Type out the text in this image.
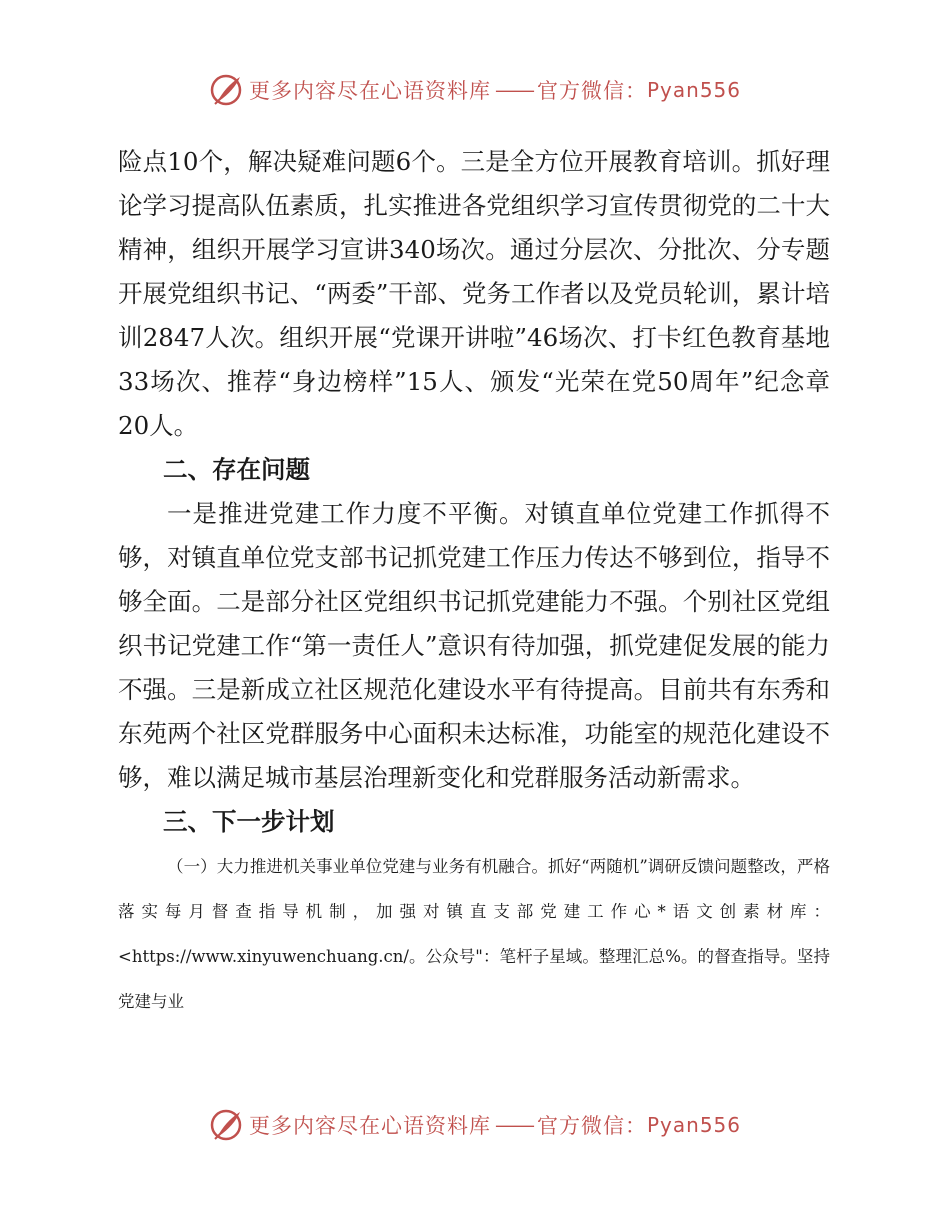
更多内容尽在心语资料库 —— 官方微信： Pyan556

险点10个，解决疑难问题6个。三是全方位开展教育培训。抓好理论学习提高队伍素质，扎实推进各党组织学习宣传贯彻党的二十大精神，组织开展学习宣讲340场次。通过分层次、分批次、分专题开展党组织书记、“两委”干部、党务工作者以及党员轮训，累计培训2847人次。组织开展“党课开讲啦”46场次、打卡红色教育基地33场次、推荐“身边榜样”15人、颁发“光荣在党50周年”纪念章20人。

二、存在问题

一是推进党建工作力度不平衡。对镇直单位党建工作抓得不够，对镇直单位党支部书记抓党建工作压力传达不够到位，指导不够全面。二是部分社区党组织书记抓党建能力不强。个别社区党组织书记党建工作“第一责任人”意识有待加强，抓党建促发展的能力不强。三是新成立社区规范化建设水平有待提高。目前共有东秀和东苑两个社区党群服务中心面积未达标准，功能室的规范化建设不够，难以满足城市基层治理新变化和党群服务活动新需求。

三、下一步计划

（一）大力推进机关事业单位党建与业务有机融合。抓好“两随机”调研反馈问题整改，严格落实每月督查指导机制，加强对镇直支部党建工作心*语文创素材库：<https://www.xinyuwenchuang.cn/。公众号"：笔杆子星域。整理汇总%。的督查指导。坚持党建与业

更多内容尽在心语资料库 —— 官方微信： Pyan556
